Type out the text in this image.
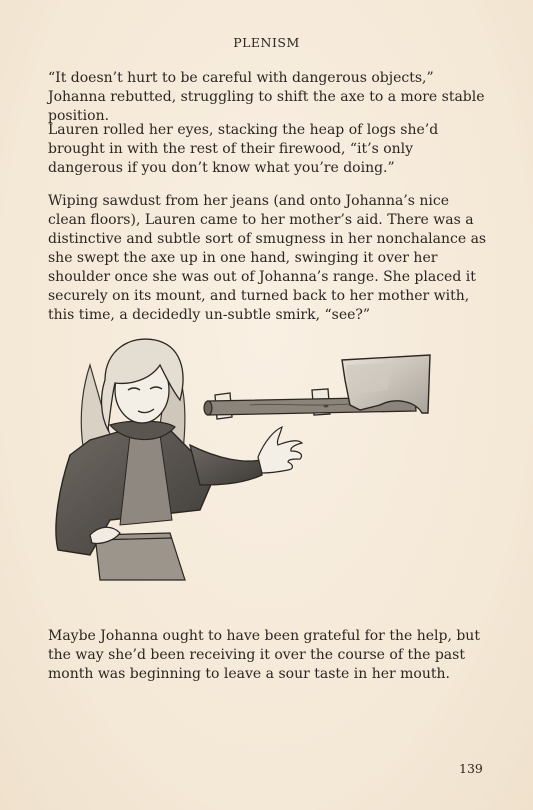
PLENISM

“It doesn’t hurt to be careful with dangerous objects,” Johanna rebutted, struggling to shift the axe to a more stable position.

Lauren rolled her eyes, stacking the heap of logs she’d brought in with the rest of their firewood, “it’s only dangerous if you don’t know what you’re doing.”

Wiping sawdust from her jeans (and onto Johanna’s nice clean floors), Lauren came to her mother’s aid. There was a distinctive and subtle sort of smugness in her nonchalance as she swept the axe up in one hand, swinging it over her shoulder once she was out of Johanna’s range. She placed it securely on its mount, and turned back to her mother with, this time, a decidedly un-subtle smirk, “see?”

Maybe Johanna ought to have been grateful for the help, but the way she’d been receiving it over the course of the past month was beginning to leave a sour taste in her mouth.

139
